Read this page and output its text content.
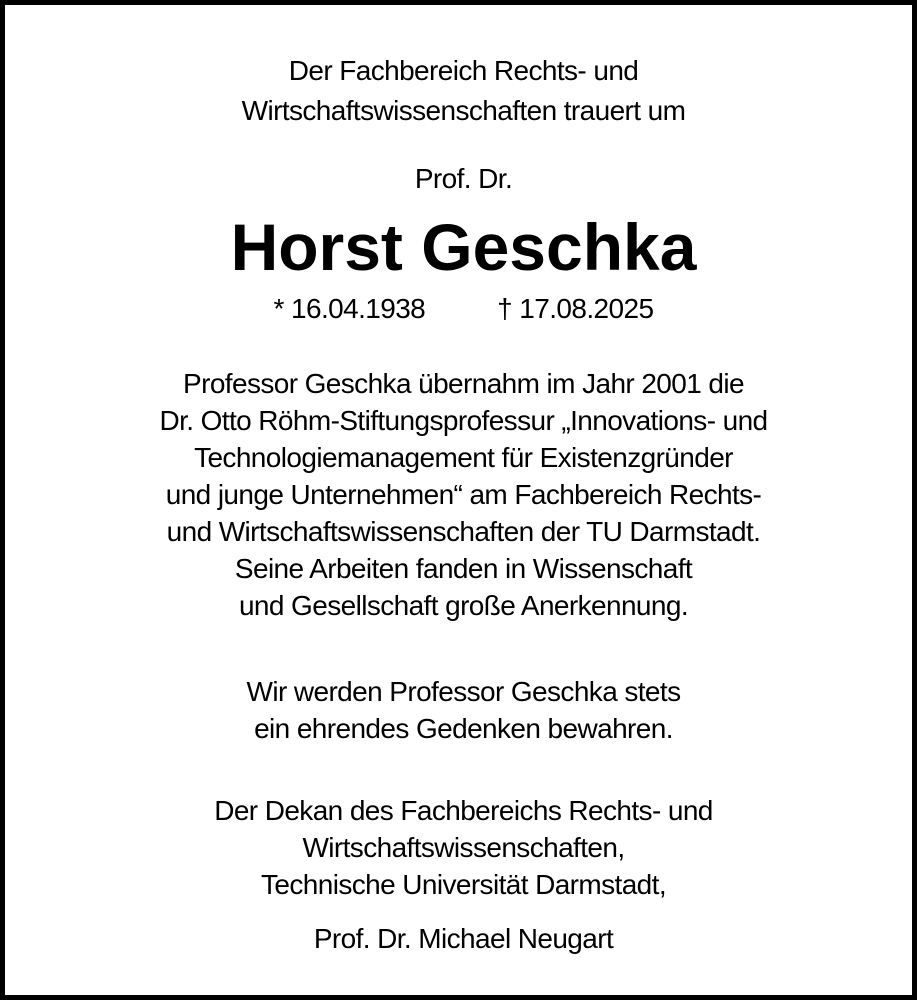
Der Fachbereich Rechts- und
Wirtschaftswissenschaften trauert um
Prof. Dr.
Horst Geschka
* 16.04.1938	† 17.08.2025
Professor Geschka übernahm im Jahr 2001 die
Dr. Otto Röhm-Stiftungsprofessur „Innovations- und
Technologiemanagement für Existenzgründer
und junge Unternehmen“ am Fachbereich Rechts-
und Wirtschaftswissenschaften der TU Darmstadt.
Seine Arbeiten fanden in Wissenschaft
und Gesellschaft große Anerkennung.
Wir werden Professor Geschka stets
ein ehrendes Gedenken bewahren.
Der Dekan des Fachbereichs Rechts- und
Wirtschaftswissenschaften,
Technische Universität Darmstadt,
Prof. Dr. Michael Neugart
